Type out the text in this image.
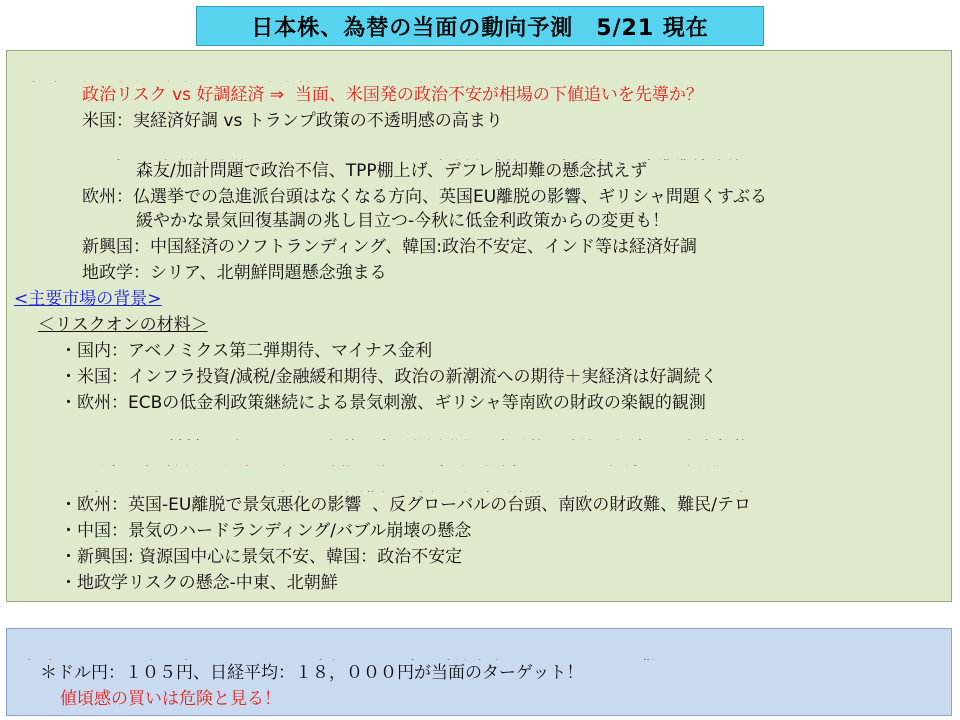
日本株、為替の当面の動向予測　5/21 現在

政治リスク vs 好調経済 ⇒  当面、米国発の政治不安が相場の下値追いを先導か？
米国：実経済好調 vs トランプ政策の不透明感の高まり

森友/加計問題で政治不信、TPP棚上げ、デフレ脱却難の懸念拭えず
欧州：仏選挙での急進派台頭はなくなる方向、英国EU離脱の影響、ギリシャ問題くすぶる
緩やかな景気回復基調の兆し目立つ-今秋に低金利政策からの変更も！
新興国：中国経済のソフトランディング、韓国:政治不安定、インド等は経済好調
地政学：シリア、北朝鮮問題懸念強まる
<主要市場の背景>
＜リスクオンの材料＞
・国内：アベノミクス第二弾期待、マイナス金利
・米国：インフラ投資/減税/金融緩和期待、政治の新潮流への期待＋実経済は好調続く
・欧州：ECBの低金利政策継続による景気刺激、ギリシャ等南欧の財政の楽観的観測

・欧州：英国-EU離脱で景気悪化の影響  、反グローバルの台頭、南欧の財政難、難民/テロ
・中国：景気のハードランディング/バブル崩壊の懸念
・新興国: 資源国中心に景気不安、韓国：政治不安定
・地政学リスクの懸念-中東、北朝鮮

＊ドル円：１０５円、日経平均：１８，０００円が当面のターゲット！
値頃感の買いは危険と見る！
